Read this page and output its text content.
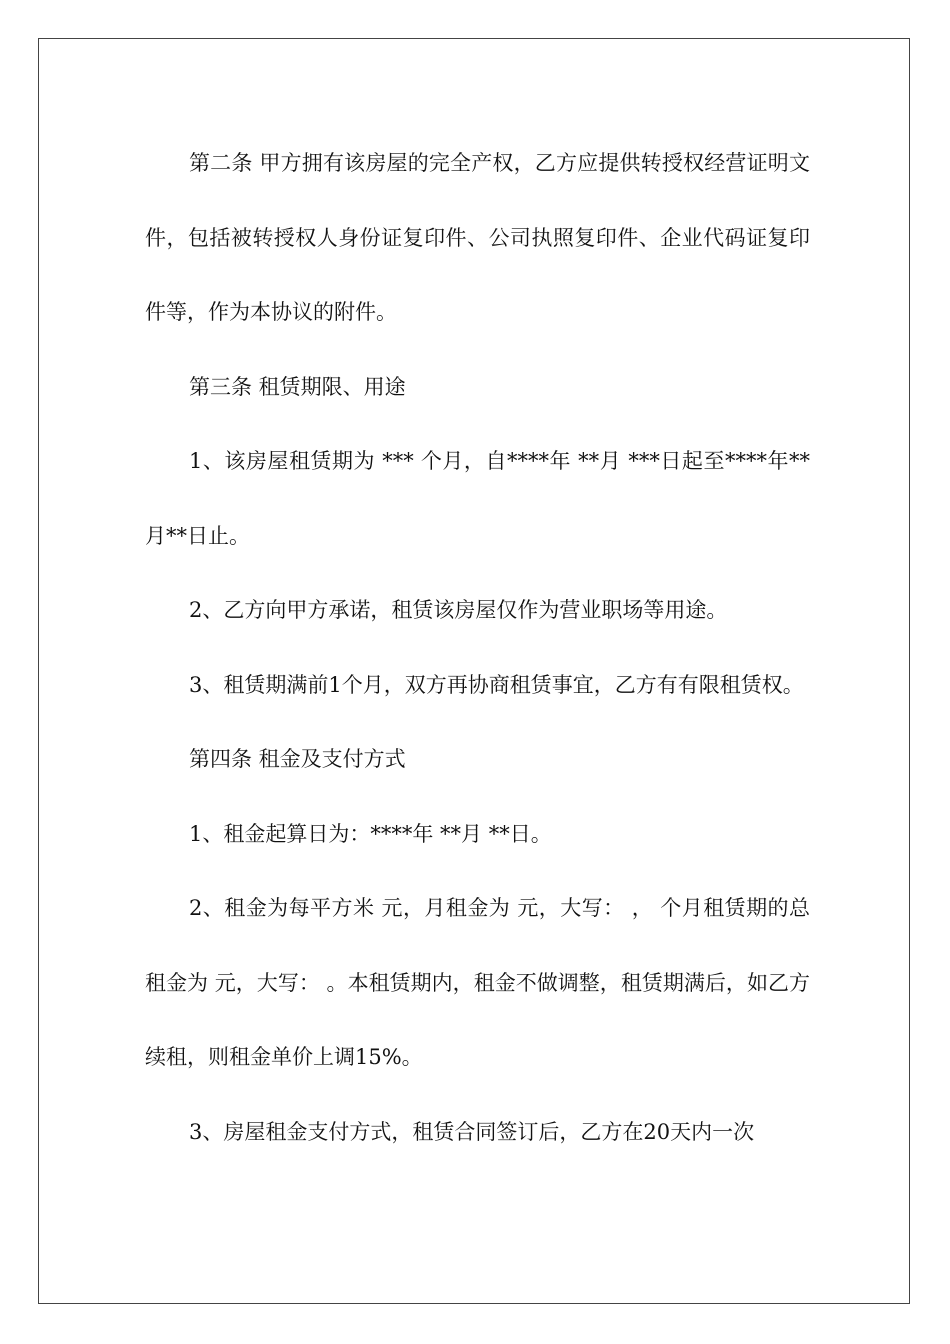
第二条 甲方拥有该房屋的完全产权，乙方应提供转授权经营证明文件，包括被转授权人身份证复印件、公司执照复印件、企业代码证复印件等，作为本协议的附件。

第三条 租赁期限、用途

1、该房屋租赁期为 *** 个月，自****年 **月 ***日起至****年**月**日止。

2、乙方向甲方承诺，租赁该房屋仅作为营业职场等用途。

3、租赁期满前1个月，双方再协商租赁事宜，乙方有有限租赁权。

第四条 租金及支付方式

1、租金起算日为：****年 **月 **日。

2、租金为每平方米 元，月租金为 元，大写： ， 个月租赁期的总租金为 元，大写： 。本租赁期内，租金不做调整，租赁期满后，如乙方续租，则租金单价上调15%。

3、房屋租金支付方式，租赁合同签订后，乙方在20天内一次
